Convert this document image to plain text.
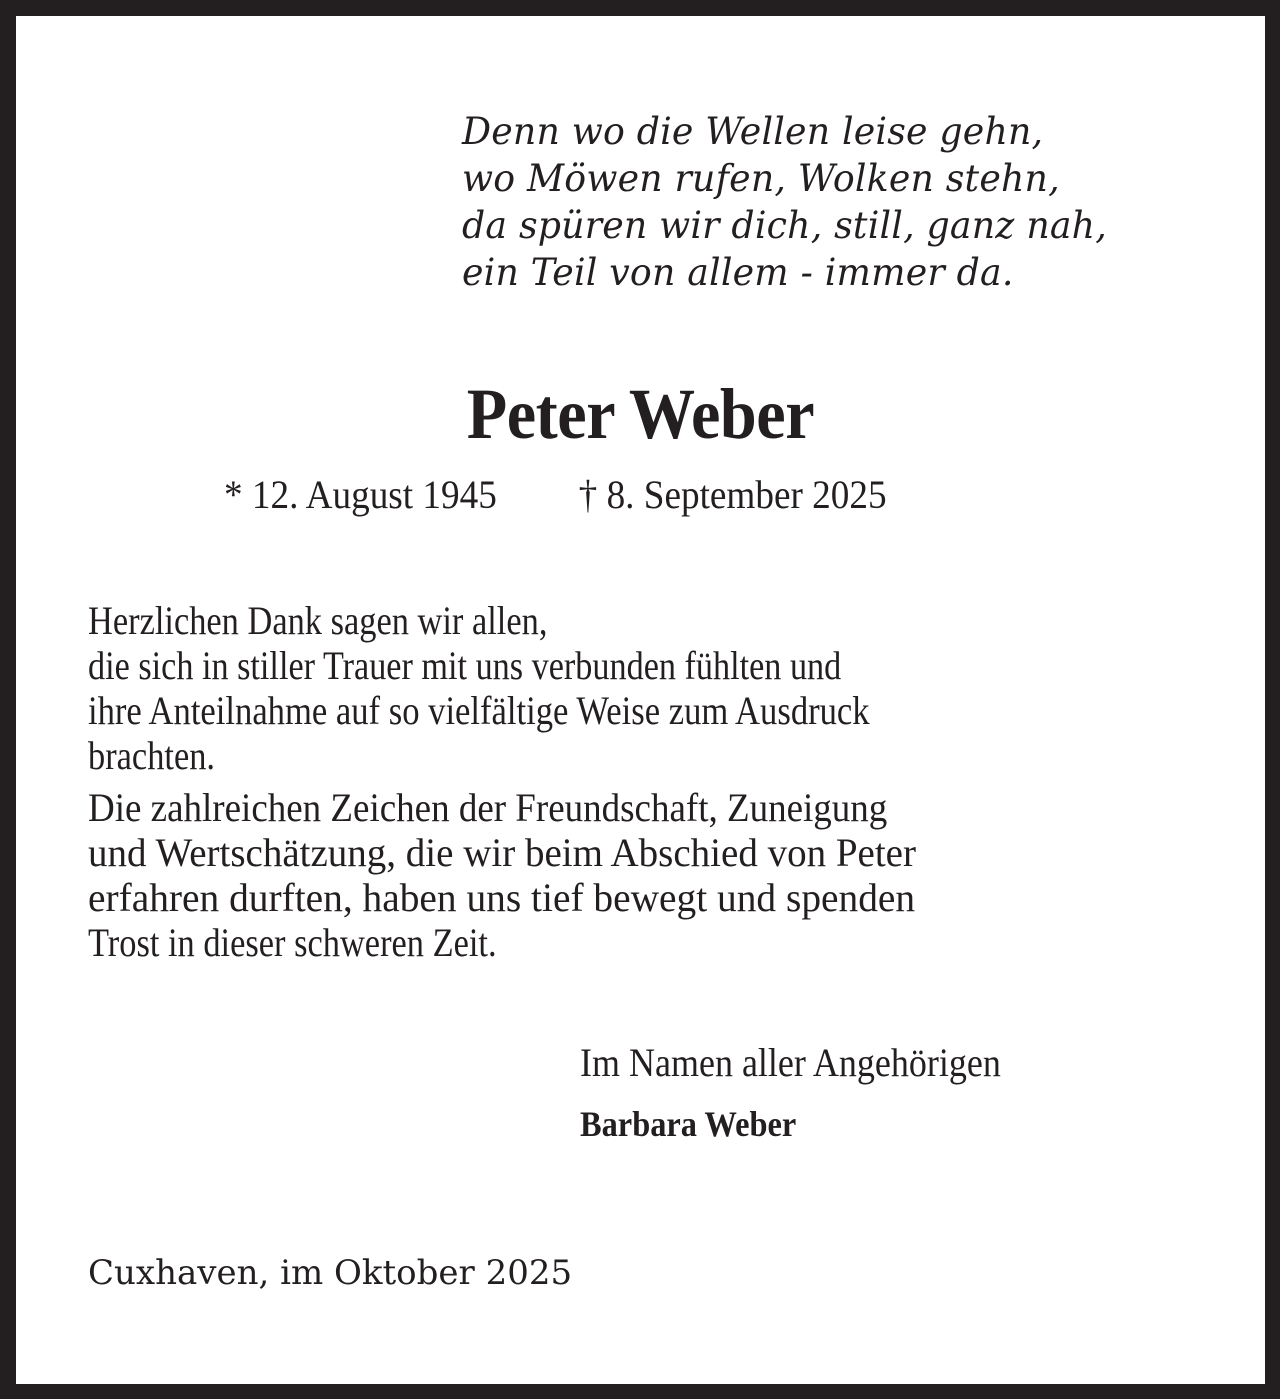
Denn wo die Wellen leise gehn,
wo Möwen rufen, Wolken stehn,
da spüren wir dich, still, ganz nah,
ein Teil von allem - immer da.
Peter Weber
* 12. August 1945 † 8. September 2025
Herzlichen Dank sagen wir allen,
die sich in stiller Trauer mit uns verbunden fühlten und
ihre Anteilnahme auf so vielfältige Weise zum Ausdruck
brachten.
Die zahlreichen Zeichen der Freundschaft, Zuneigung
und Wertschätzung, die wir beim Abschied von Peter
erfahren durften, haben uns tief bewegt und spenden
Trost in dieser schweren Zeit.
Im Namen aller Angehörigen
Barbara Weber
Cuxhaven, im Oktober 2025
